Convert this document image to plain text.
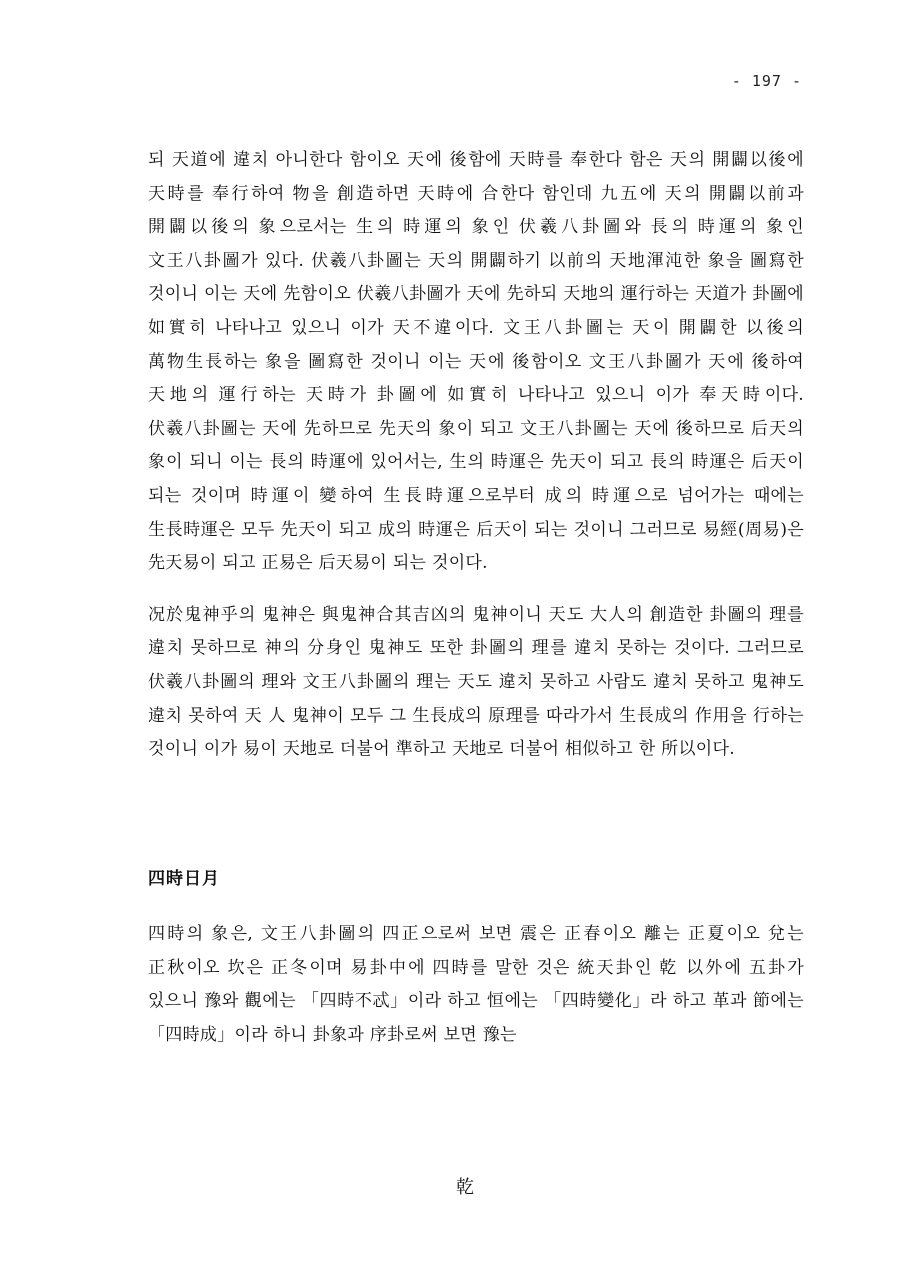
- 197 -

되 天道에 違치 아니한다 함이오 天에 後함에 天時를 奉한다 함은 天의 開闢以後에 天時를 奉行하여 物을 創造하면 天時에 合한다 함인데 九五에 天의 開闢以前과 開闢以後의 象으로서는 生의 時運의 象인 伏羲八卦圖와 長의 時運의 象인 文王八卦圖가 있다. 伏羲八卦圖는 天의 開闢하기 以前의 天地渾沌한 象을 圖寫한 것이니 이는 天에 先함이오 伏羲八卦圖가 天에 先하되 天地의 運行하는 天道가 卦圖에 如實히 나타나고 있으니 이가 天不違이다. 文王八卦圖는 天이 開闢한 以後의 萬物生長하는 象을 圖寫한 것이니 이는 天에 後함이오 文王八卦圖가 天에 後하여 天地의 運行하는 天時가 卦圖에 如實히 나타나고 있으니 이가 奉天時이다. 伏羲八卦圖는 天에 先하므로 先天의 象이 되고 文王八卦圖는 天에 後하므로 后天의 象이 되니 이는 長의 時運에 있어서는, 生의 時運은 先天이 되고 長의 時運은 后天이 되는 것이며 時運이 變하여 生長時運으로부터 成의 時運으로 넘어가는 때에는 生長時運은 모두 先天이 되고 成의 時運은 后天이 되는 것이니 그러므로 易經(周易)은 先天易이 되고 正易은 后天易이 되는 것이다.

况於鬼神乎의 鬼神은 與鬼神合其吉凶의 鬼神이니 天도 大人의 創造한 卦圖의 理를 違치 못하므로 神의 分身인 鬼神도 또한 卦圖의 理를 違치 못하는 것이다. 그러므로 伏羲八卦圖의 理와 文王八卦圖의 理는 天도 違치 못하고 사람도 違치 못하고 鬼神도 違치 못하여 天 人 鬼神이 모두 그 生長成의 原理를 따라가서 生長成의 作用을 行하는 것이니 이가 易이 天地로 더불어 準하고 天地로 더불어 相似하고 한 所以이다.

四時日月

四時의 象은, 文王八卦圖의 四正으로써 보면 震은 正春이오 離는 正夏이오 兌는 正秋이오 坎은 正冬이며 易卦中에 四時를 말한 것은 統天卦인 乾 以外에 五卦가 있으니 豫와 觀에는 「四時不忒」이라 하고 恒에는 「四時變化」라 하고 革과 節에는 「四時成」이라 하니 卦象과 序卦로써 보면 豫는

乾
